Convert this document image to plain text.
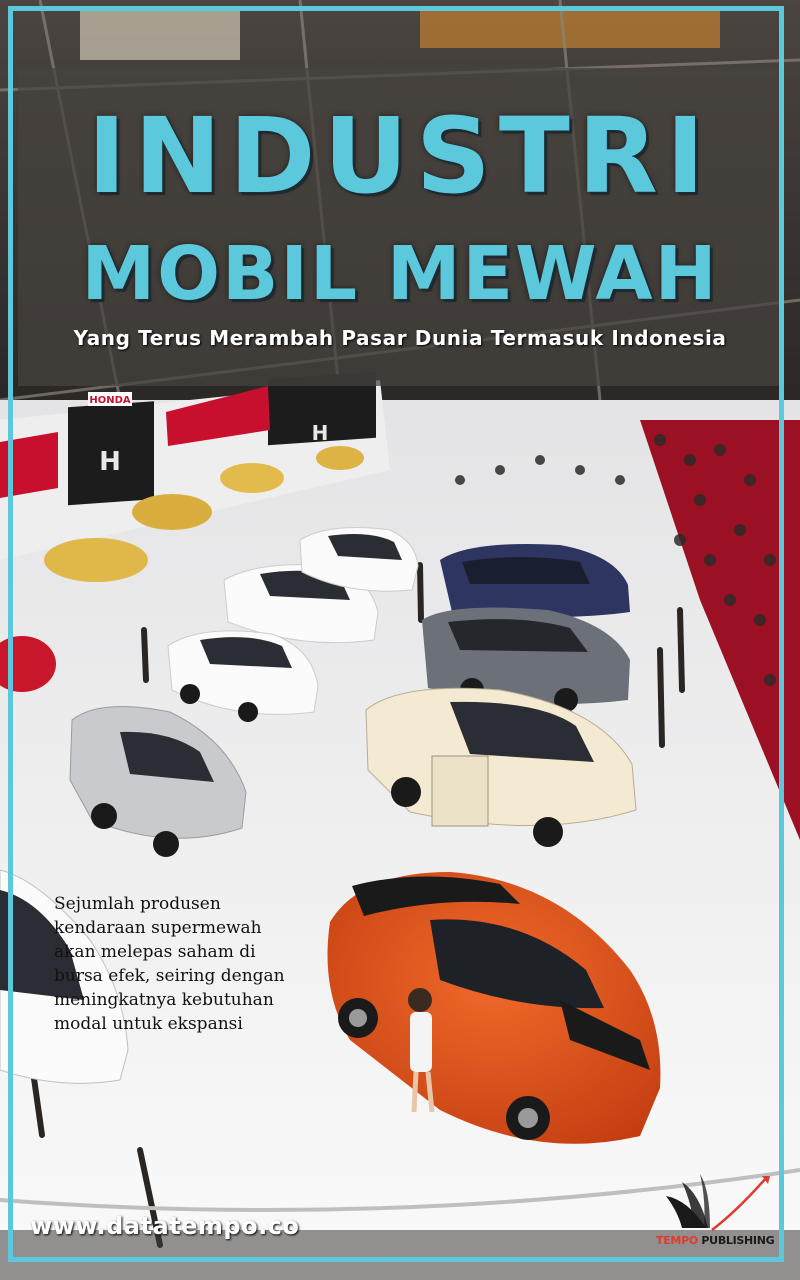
HONDA
H
H
INDUSTRI
MOBIL MEWAH
Yang Terus Merambah Pasar Dunia Termasuk Indonesia
Sejumlah produsen
kendaraan supermewah
akan melepas saham di
bursa efek, seiring dengan
meningkatnya kebutuhan
modal untuk ekspansi
www.datatempo.co
TEMPO PUBLISHING
